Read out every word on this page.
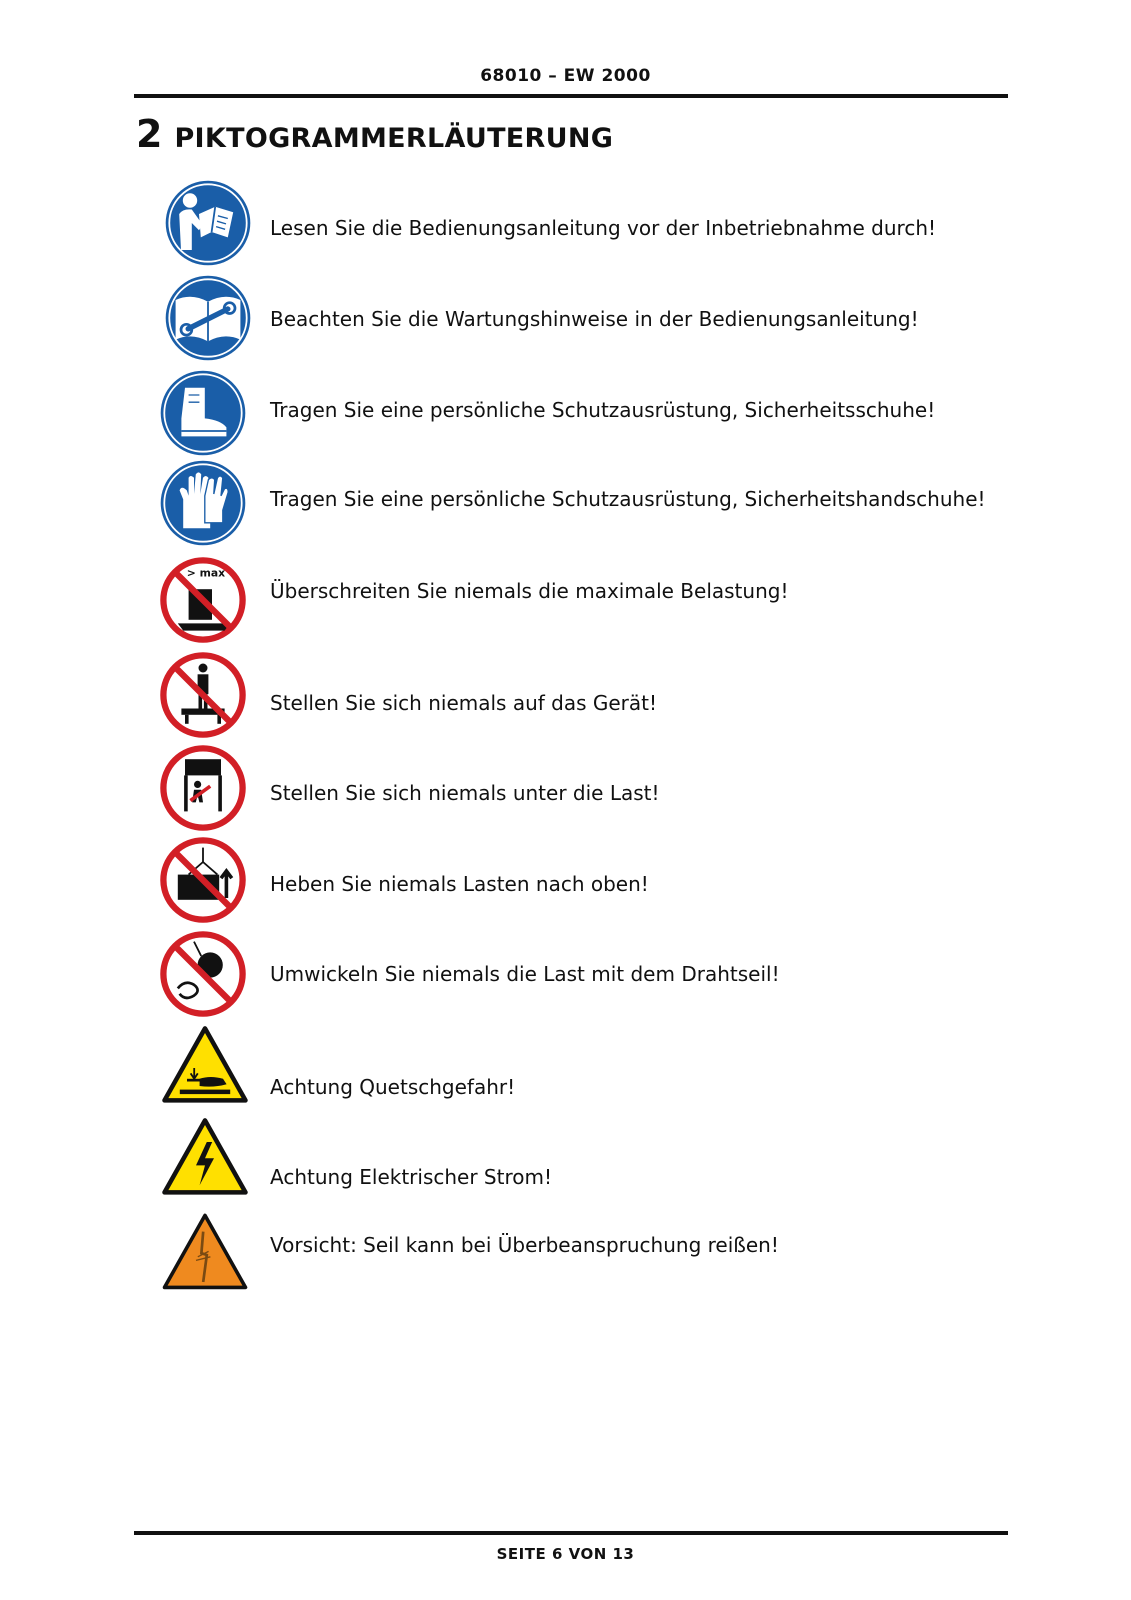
68010 – EW 2000
2 PIKTOGRAMMERLÄUTERUNG
Lesen Sie die Bedienungsanleitung vor der Inbetriebnahme durch!
Beachten Sie die Wartungshinweise in der Bedienungsanleitung!
Tragen Sie eine persönliche Schutzausrüstung, Sicherheitsschuhe!
Tragen Sie eine persönliche Schutzausrüstung, Sicherheitshandschuhe!
> max
Überschreiten Sie niemals die maximale Belastung!
Stellen Sie sich niemals auf das Gerät!
Stellen Sie sich niemals unter die Last!
Heben Sie niemals Lasten nach oben!
Umwickeln Sie niemals die Last mit dem Drahtseil!
Achtung Quetschgefahr!
Achtung Elektrischer Strom!
Vorsicht: Seil kann bei Überbeanspruchung reißen!
SEITE 6 VON 13
